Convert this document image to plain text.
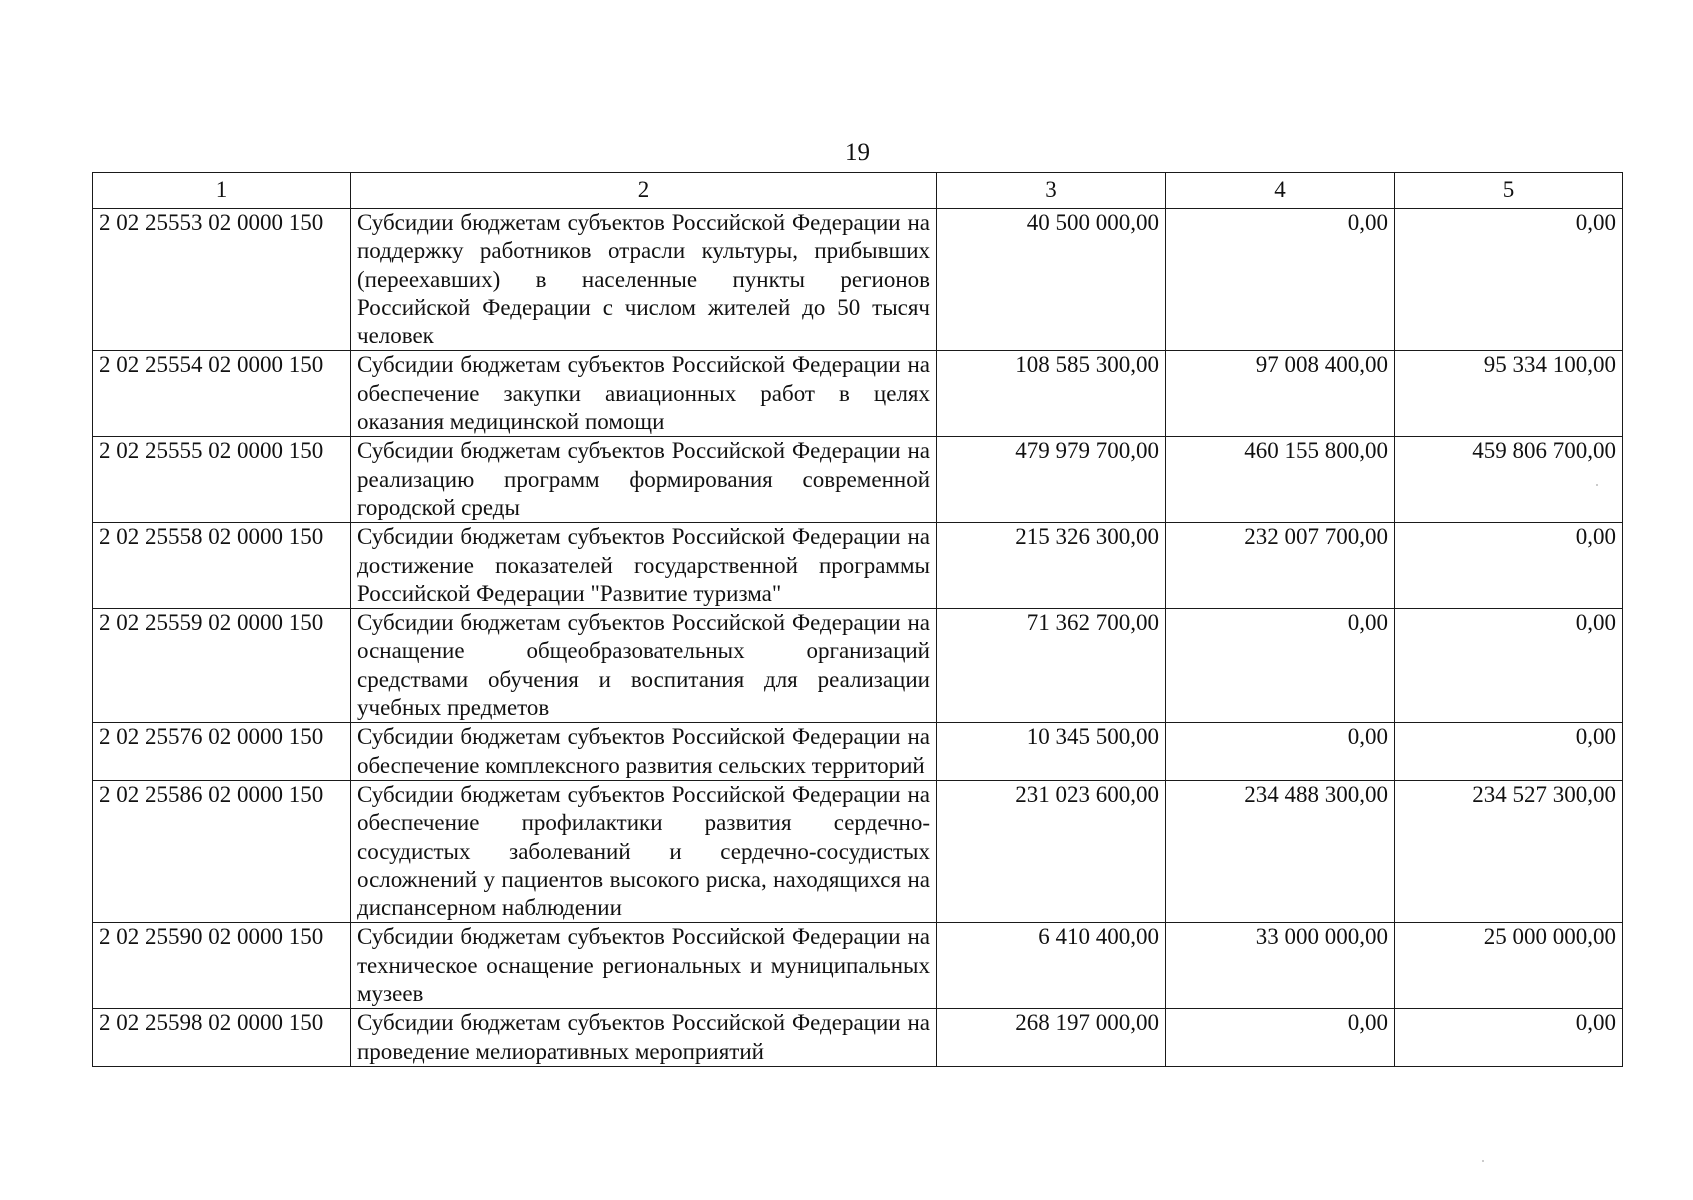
19
1	2	3	4	5
2 02 25553 02 0000 150	Субсидии бюджетам субъектов Российской Федерации на поддержку работников отрасли культуры, прибывших (переехавших) в населенные пункты регионов Российской Федерации с числом жителей до 50 тысяч человек	40 500 000,00	0,00	0,00
2 02 25554 02 0000 150	Субсидии бюджетам субъектов Российской Федерации на обеспечение закупки авиационных работ в целях оказания медицинской помощи	108 585 300,00	97 008 400,00	95 334 100,00
2 02 25555 02 0000 150	Субсидии бюджетам субъектов Российской Федерации на реализацию программ формирования современной городской среды	479 979 700,00	460 155 800,00	459 806 700,00
2 02 25558 02 0000 150	Субсидии бюджетам субъектов Российской Федерации на достижение показателей государственной программы Российской Федерации "Развитие туризма"	215 326 300,00	232 007 700,00	0,00
2 02 25559 02 0000 150	Субсидии бюджетам субъектов Российской Федерации на оснащение общеобразовательных организаций средствами обучения и воспитания для реализации учебных предметов	71 362 700,00	0,00	0,00
2 02 25576 02 0000 150	Субсидии бюджетам субъектов Российской Федерации на обеспечение комплексного развития сельских территорий	10 345 500,00	0,00	0,00
2 02 25586 02 0000 150	Субсидии бюджетам субъектов Российской Федерации на обеспечение профилактики развития сердечно-сосудистых заболеваний и сердечно-сосудистых осложнений у пациентов высокого риска, находящихся на диспансерном наблюдении	231 023 600,00	234 488 300,00	234 527 300,00
2 02 25590 02 0000 150	Субсидии бюджетам субъектов Российской Федерации на техническое оснащение региональных и муниципальных музеев	6 410 400,00	33 000 000,00	25 000 000,00
2 02 25598 02 0000 150	Субсидии бюджетам субъектов Российской Федерации на проведение мелиоративных мероприятий	268 197 000,00	0,00	0,00
